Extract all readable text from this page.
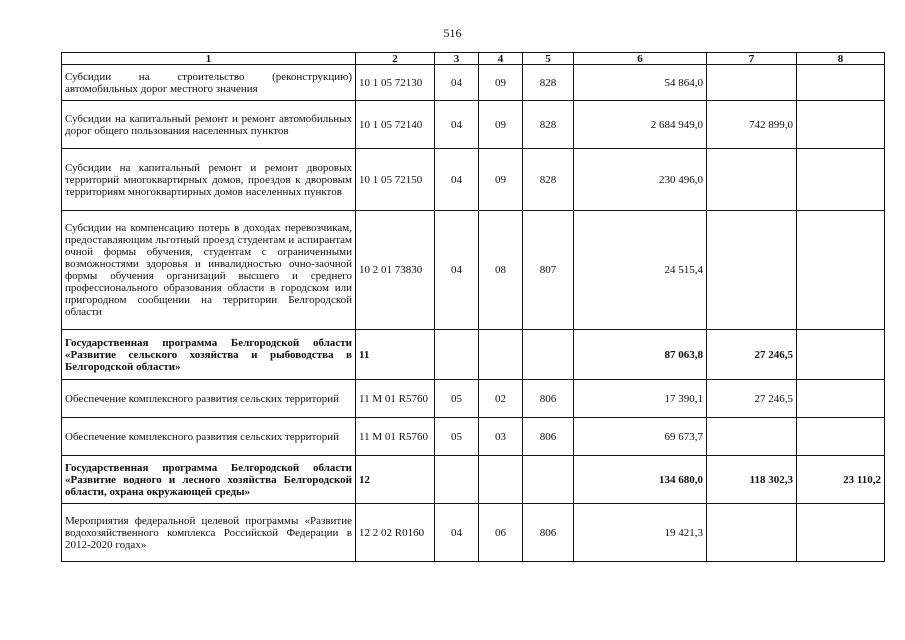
516
1	2	3	4	5	6	7	8
Субсидии на строительство (реконструкцию) автомобильных дорог местного значения	10 1 05 72130	04	09	828	54 864,0		
Субсидии на капитальный ремонт и ремонт автомобильных дорог общего пользования населенных пунктов	10 1 05 72140	04	09	828	2 684 949,0	742 899,0	
Субсидии на капитальный ремонт и ремонт дворовых территорий многоквартирных домов, проездов к дворовым территориям многоквартирных домов населенных пунктов	10 1 05 72150	04	09	828	230 496,0		
Субсидии на компенсацию потерь в доходах перевозчикам, предоставляющим льготный проезд студентам и аспирантам очной формы обучения, студентам с ограниченными возможностями здоровья и инвалидностью очно-заочной формы обучения организаций высшего и среднего профессионального образования области в городском или пригородном сообщении на территории Белгородской области	10 2 01 73830	04	08	807	24 515,4		
Государственная программа Белгородской области «Развитие сельского хозяйства и рыбоводства в Белгородской области»	11				87 063,8	27 246,5	
Обеспечение комплексного развития сельских территорий	11 M 01 R5760	05	02	806	17 390,1	27 246,5	
Обеспечение комплексного развития сельских территорий	11 M 01 R5760	05	03	806	69 673,7		
Государственная программа Белгородской области «Развитие водного и лесного хозяйства Белгородской области, охрана окружающей среды»	12				134 680,0	118 302,3	23 110,2
Мероприятия федеральной целевой программы «Развитие водохозяйственного комплекса Российской Федерации в 2012-2020 годах»	12 2 02 R0160	04	06	806	19 421,3		
